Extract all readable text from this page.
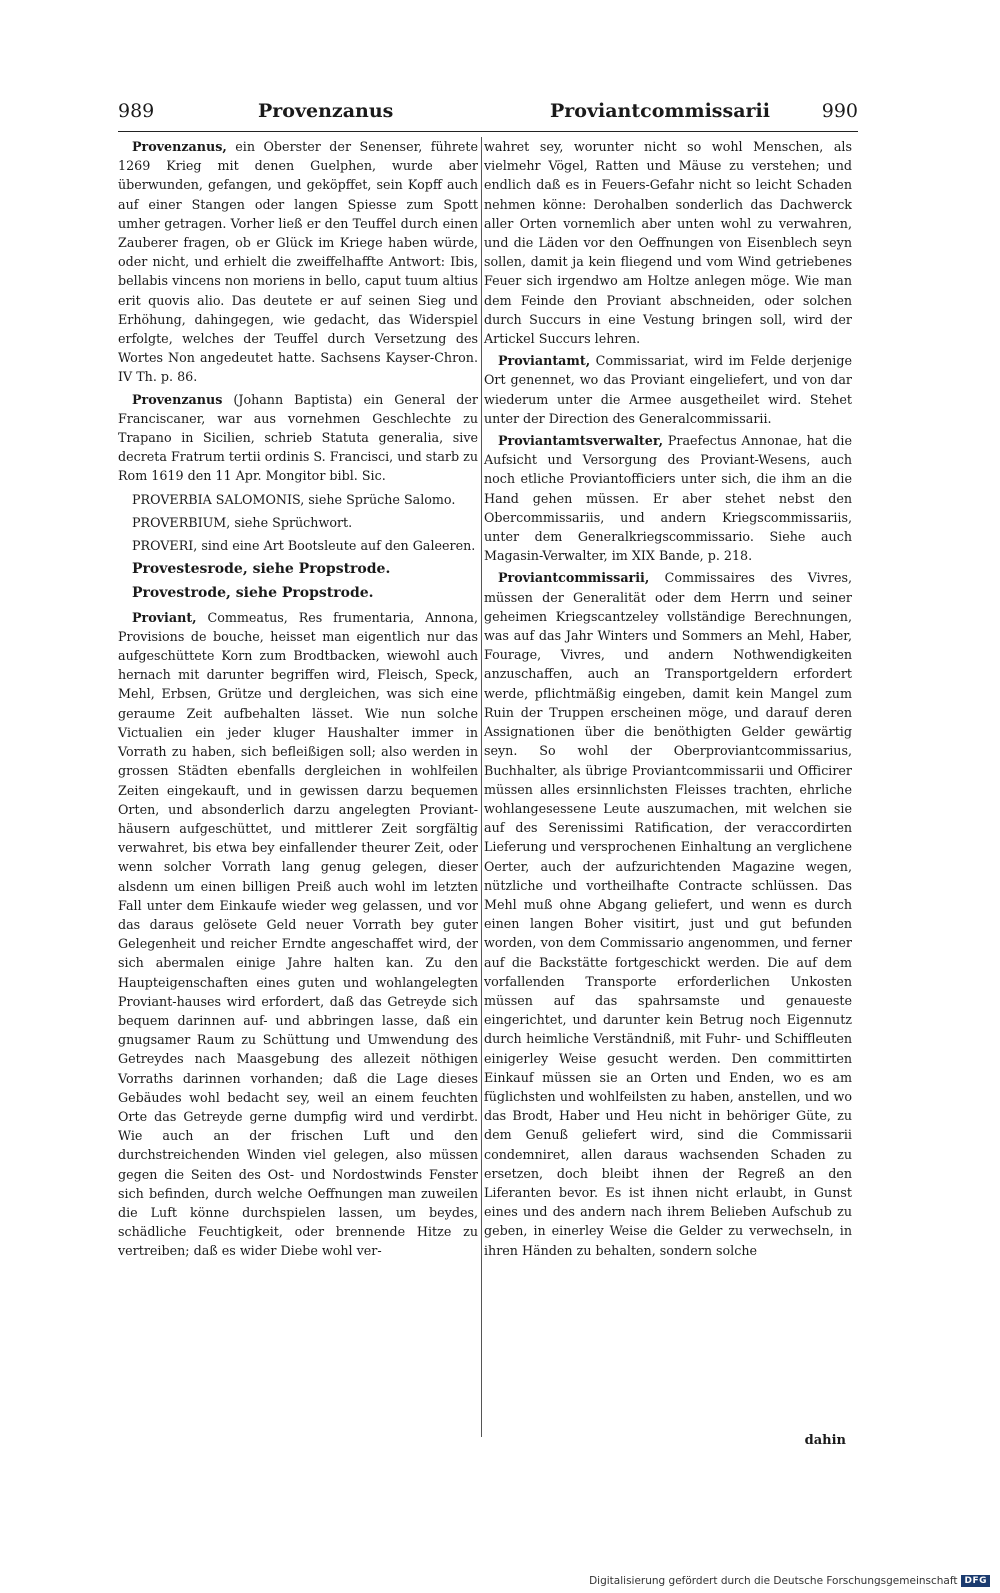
989	Provenzanus	Proviantcommissarii	990

Provenzanus, ein Oberster der Senenser, führete 1269 Krieg mit denen Guelphen, wurde aber überwunden, gefangen, und geköpffet, sein Kopff auch auf einer Stangen oder langen Spiesse zum Spott umher getragen. Vorher ließ er den Teuffel durch einen Zauberer fragen, ob er Glück im Kriege haben würde, oder nicht, und erhielt die zweiffelhaffte Antwort: Ibis, bellabis vincens non moriens in bello, caput tuum altius erit quovis alio. Das deutete er auf seinen Sieg und Erhöhung, dahingegen, wie gedacht, das Widerspiel erfolgte, welches der Teuffel durch Versetzung des Wortes Non angedeutet hatte. Sachsens Kayser-Chron. IV Th. p. 86.

Provenzanus (Johann Baptista) ein General der Franciscaner, war aus vornehmen Geschlechte zu Trapano in Sicilien, schrieb Statuta generalia, sive decreta Fratrum tertii ordinis S. Francisci, und starb zu Rom 1619 den 11 Apr. Mongitor bibl. Sic.

PROVERBIA SALOMONIS, siehe Sprüche Salomo.

PROVERBIUM, siehe Sprüchwort.

PROVERI, sind eine Art Bootsleute auf den Galeeren.

Provestesrode, siehe Propstrode.

Provestrode, siehe Propstrode.

Proviant, Commeatus, Res frumentaria, Annona, Provisions de bouche, heisset man eigentlich nur das aufgeschüttete Korn zum Brodtbacken, wiewohl auch hernach mit darunter begriffen wird, Fleisch, Speck, Mehl, Erbsen, Grütze und dergleichen, was sich eine geraume Zeit aufbehalten lässet. Wie nun solche Victualien ein jeder kluger Haushalter immer in Vorrath zu haben, sich befleißigen soll; also werden in grossen Städten ebenfalls dergleichen in wohlfeilen Zeiten eingekauft, und in gewissen darzu bequemen Orten, und absonderlich darzu angelegten Proviant-häusern aufgeschüttet, und mittlerer Zeit sorgfältig verwahret, bis etwa bey einfallender theurer Zeit, oder wenn solcher Vorrath lang genug gelegen, dieser alsdenn um einen billigen Preiß auch wohl im letzten Fall unter dem Einkaufe wieder weg gelassen, und vor das daraus gelösete Geld neuer Vorrath bey guter Gelegenheit und reicher Erndte angeschaffet wird, der sich abermalen einige Jahre halten kan. Zu den Haupteigenschaften eines guten und wohlangelegten Proviant-hauses wird erfordert, daß das Getreyde sich bequem darinnen auf- und abbringen lasse, daß ein gnugsamer Raum zu Schüttung und Umwendung des Getreydes nach Maasgebung des allezeit nöthigen Vorraths darinnen vorhanden; daß die Lage dieses Gebäudes wohl bedacht sey, weil an einem feuchten Orte das Getreyde gerne dumpfig wird und verdirbt. Wie auch an der frischen Luft und den durchstreichenden Winden viel gelegen, also müssen gegen die Seiten des Ost- und Nordostwinds Fenster sich befinden, durch welche Oeffnungen man zuweilen die Luft könne durchspielen lassen, um beydes, schädliche Feuchtigkeit, oder brennende Hitze zu vertreiben; daß es wider Diebe wohl ver-

wahret sey, worunter nicht so wohl Menschen, als vielmehr Vögel, Ratten und Mäuse zu verstehen; und endlich daß es in Feuers-Gefahr nicht so leicht Schaden nehmen könne: Derohalben sonderlich das Dachwerck aller Orten vornemlich aber unten wohl zu verwahren, und die Läden vor den Oeffnungen von Eisenblech seyn sollen, damit ja kein fliegend und vom Wind getriebenes Feuer sich irgendwo am Holtze anlegen möge. Wie man dem Feinde den Proviant abschneiden, oder solchen durch Succurs in eine Vestung bringen soll, wird der Artickel Succurs lehren.

Proviantamt, Commissariat, wird im Felde derjenige Ort genennet, wo das Proviant eingeliefert, und von dar wiederum unter die Armee ausgetheilet wird. Stehet unter der Direction des Generalcommissarii.

Proviantamtsverwalter, Praefectus Annonae, hat die Aufsicht und Versorgung des Proviant-Wesens, auch noch etliche Proviantofficiers unter sich, die ihm an die Hand gehen müssen. Er aber stehet nebst den Obercommissariis, und andern Kriegscommissariis, unter dem Generalkriegscommissario. Siehe auch Magasin-Verwalter, im XIX Bande, p. 218.

Proviantcommissarii, Commissaires des Vivres, müssen der Generalität oder dem Herrn und seiner geheimen Kriegscantzeley vollständige Berechnungen, was auf das Jahr Winters und Sommers an Mehl, Haber, Fourage, Vivres, und andern Nothwendigkeiten anzuschaffen, auch an Transportgeldern erfordert werde, pflichtmäßig eingeben, damit kein Mangel zum Ruin der Truppen erscheinen möge, und darauf deren Assignationen über die benöthigten Gelder gewärtig seyn. So wohl der Oberproviantcommissarius, Buchhalter, als übrige Proviantcommissarii und Officirer müssen alles ersinnlichsten Fleisses trachten, ehrliche wohlangesessene Leute auszumachen, mit welchen sie auf des Serenissimi Ratification, der veraccordirten Lieferung und versprochenen Einhaltung an verglichene Oerter, auch der aufzurichtenden Magazine wegen, nützliche und vortheilhafte Contracte schlüssen. Das Mehl muß ohne Abgang geliefert, und wenn es durch einen langen Boher visitirt, just und gut befunden worden, von dem Commissario angenommen, und ferner auf die Backstätte fortgeschickt werden. Die auf dem vorfallenden Transporte erforderlichen Unkosten müssen auf das spahrsamste und genaueste eingerichtet, und darunter kein Betrug noch Eigennutz durch heimliche Verständniß, mit Fuhr- und Schiffleuten einigerley Weise gesucht werden. Den committirten Einkauf müssen sie an Orten und Enden, wo es am füglichsten und wohlfeilsten zu haben, anstellen, und wo das Brodt, Haber und Heu nicht in behöriger Güte, zu dem Genuß geliefert wird, sind die Commissarii condemniret, allen daraus wachsenden Schaden zu ersetzen, doch bleibt ihnen der Regreß an den Liferanten bevor. Es ist ihnen nicht erlaubt, in Gunst eines und des andern nach ihrem Belieben Aufschub zu geben, in einerley Weise die Gelder zu verwechseln, in ihren Händen zu behalten, sondern solche

dahin
Digitalisierung gefördert durch die Deutsche Forschungsgemeinschaft DFG
